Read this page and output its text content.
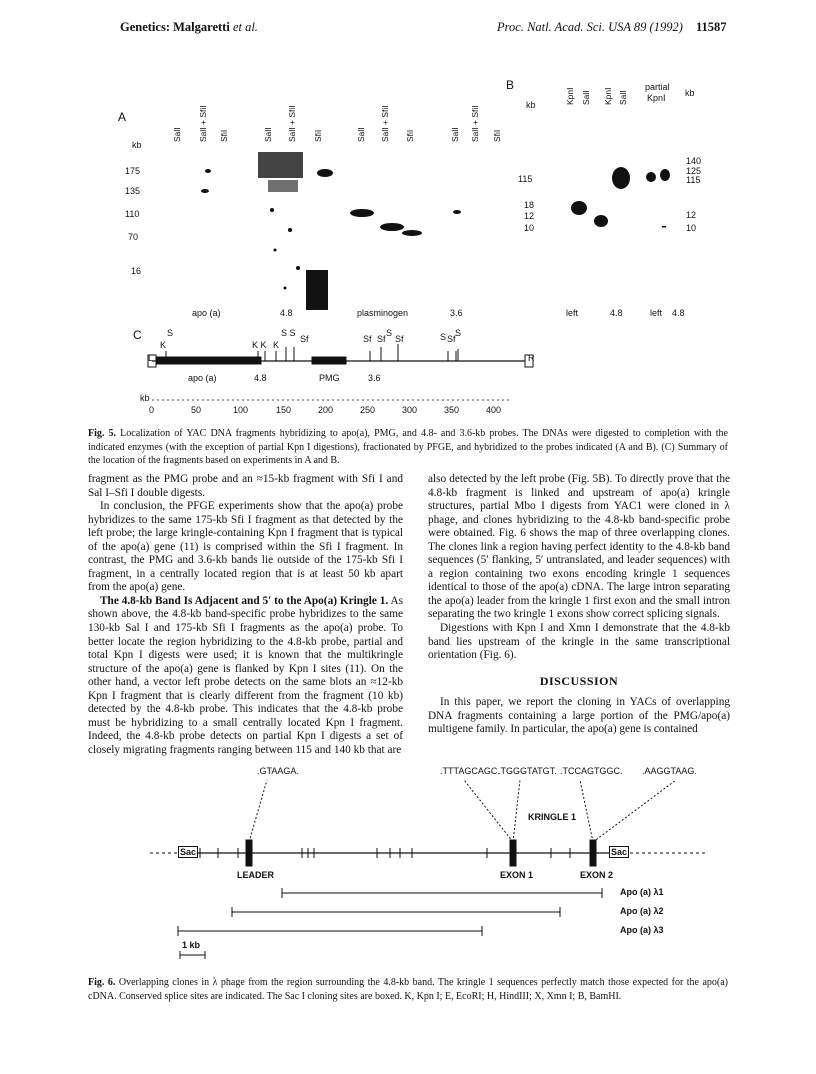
Genetics: Malgaretti et al.	Proc. Natl. Acad. Sci. USA 89 (1992) 11587
A
kb
175
135
110
70
16
SalI SalI + SfiI SfiI	SalI SalI + SfiI SfiI	SalI SalI + SfiI SfiI	SalI SalI + SfiI SfiI
apo (a)	4.8	plasminogen	3.6
B
kb	KpnI SalI KpnI SalI
partial
KpnI kb
115
18
12
10
140
125
115
12
10
left	4.8	left 4.8
C
L	R
S
K	K K K
S S
Sf	Sf Sf
S
Sf	S Sf
S
apo (a)	4.8	PMG	3.6
kb
0	50	100	150	200	250	300	350	400
Fig. 5. Localization of YAC DNA fragments hybridizing to apo(a), PMG, and 4.8- and 3.6-kb probes. The DNAs were digested to completion with the indicated enzymes (with the exception of partial Kpn I digestions), fractionated by PFGE, and hybridized to the probes indicated (A and B). (C) Summary of the location of the fragments based on experiments in A and B.

fragment as the PMG probe and an ≈15-kb fragment with Sfi I and Sal I–Sfi I double digests.

In conclusion, the PFGE experiments show that the apo(a) probe hybridizes to the same 175-kb Sfi I fragment as that detected by the left probe; the large kringle-containing Kpn I fragment that is typical of the apo(a) gene (11) is comprised within the Sfi I fragment. In contrast, the PMG and 3.6-kb bands lie outside of the 175-kb Sfi I fragment, in a centrally located region that is at least 50 kb apart from the apo(a) gene.

The 4.8-kb Band Is Adjacent and 5′ to the Apo(a) Kringle 1. As shown above, the 4.8-kb band-specific probe hybridizes to the same 130-kb Sal I and 175-kb Sfi I fragments as the apo(a) probe. To better locate the region hybridizing to the 4.8-kb probe, partial and total Kpn I digests were used; it is known that the multikringle structure of the apo(a) gene is flanked by Kpn I sites (11). On the other hand, a vector left probe detects on the same blots an ≈12-kb Kpn I fragment that is clearly different from the fragment (10 kb) detected by the 4.8-kb probe. This indicates that the 4.8-kb probe must be hybridizing to a small centrally located Kpn I fragment. Indeed, the 4.8-kb probe detects on partial Kpn I digests a set of closely migrating fragments ranging between 115 and 140 kb that are

also detected by the left probe (Fig. 5B). To directly prove that the 4.8-kb fragment is linked and upstream of apo(a) kringle structures, partial Mbo I digests from YAC1 were cloned in λ phage, and clones hybridizing to the 4.8-kb band-specific probe were obtained. Fig. 6 shows the map of three overlapping clones. The clones link a region having perfect identity to the 4.8-kb band sequences (5′ flanking, 5′ untranslated, and leader sequences) with a region containing two exons encoding kringle 1 sequences identical to those of the apo(a) cDNA. The large intron separating the apo(a) leader from the kringle 1 first exon and the small intron separating the two kringle 1 exons show correct splicing signals.

Digestions with Kpn I and Xmn I demonstrate that the 4.8-kb band lies upstream of the kringle in the same transcriptional orientation (Fig. 6).

DISCUSSION

In this paper, we report the cloning in YACs of overlapping DNA fragments containing a large portion of the PMG/apo(a) multigene family. In particular, the apo(a) gene is contained

.GTAAGA.	.TTTAGCAGC.
.TGGGTATGT. .TCCAGTGGC. .AAGGTAAG.
KRINGLE 1
Sac	Sac
LEADER	EXON 1	EXON 2
Apo (a) λ1
Apo (a) λ2
Apo (a) λ3
1 kb
Fig. 6. Overlapping clones in λ phage from the region surrounding the 4.8-kb band. The kringle 1 sequences perfectly match those expected for the apo(a) cDNA. Conserved splice sites are indicated. The Sac I cloning sites are boxed. K, Kpn I; E, EcoRI; H, HindIII; X, Xmn I; B, BamHI.
